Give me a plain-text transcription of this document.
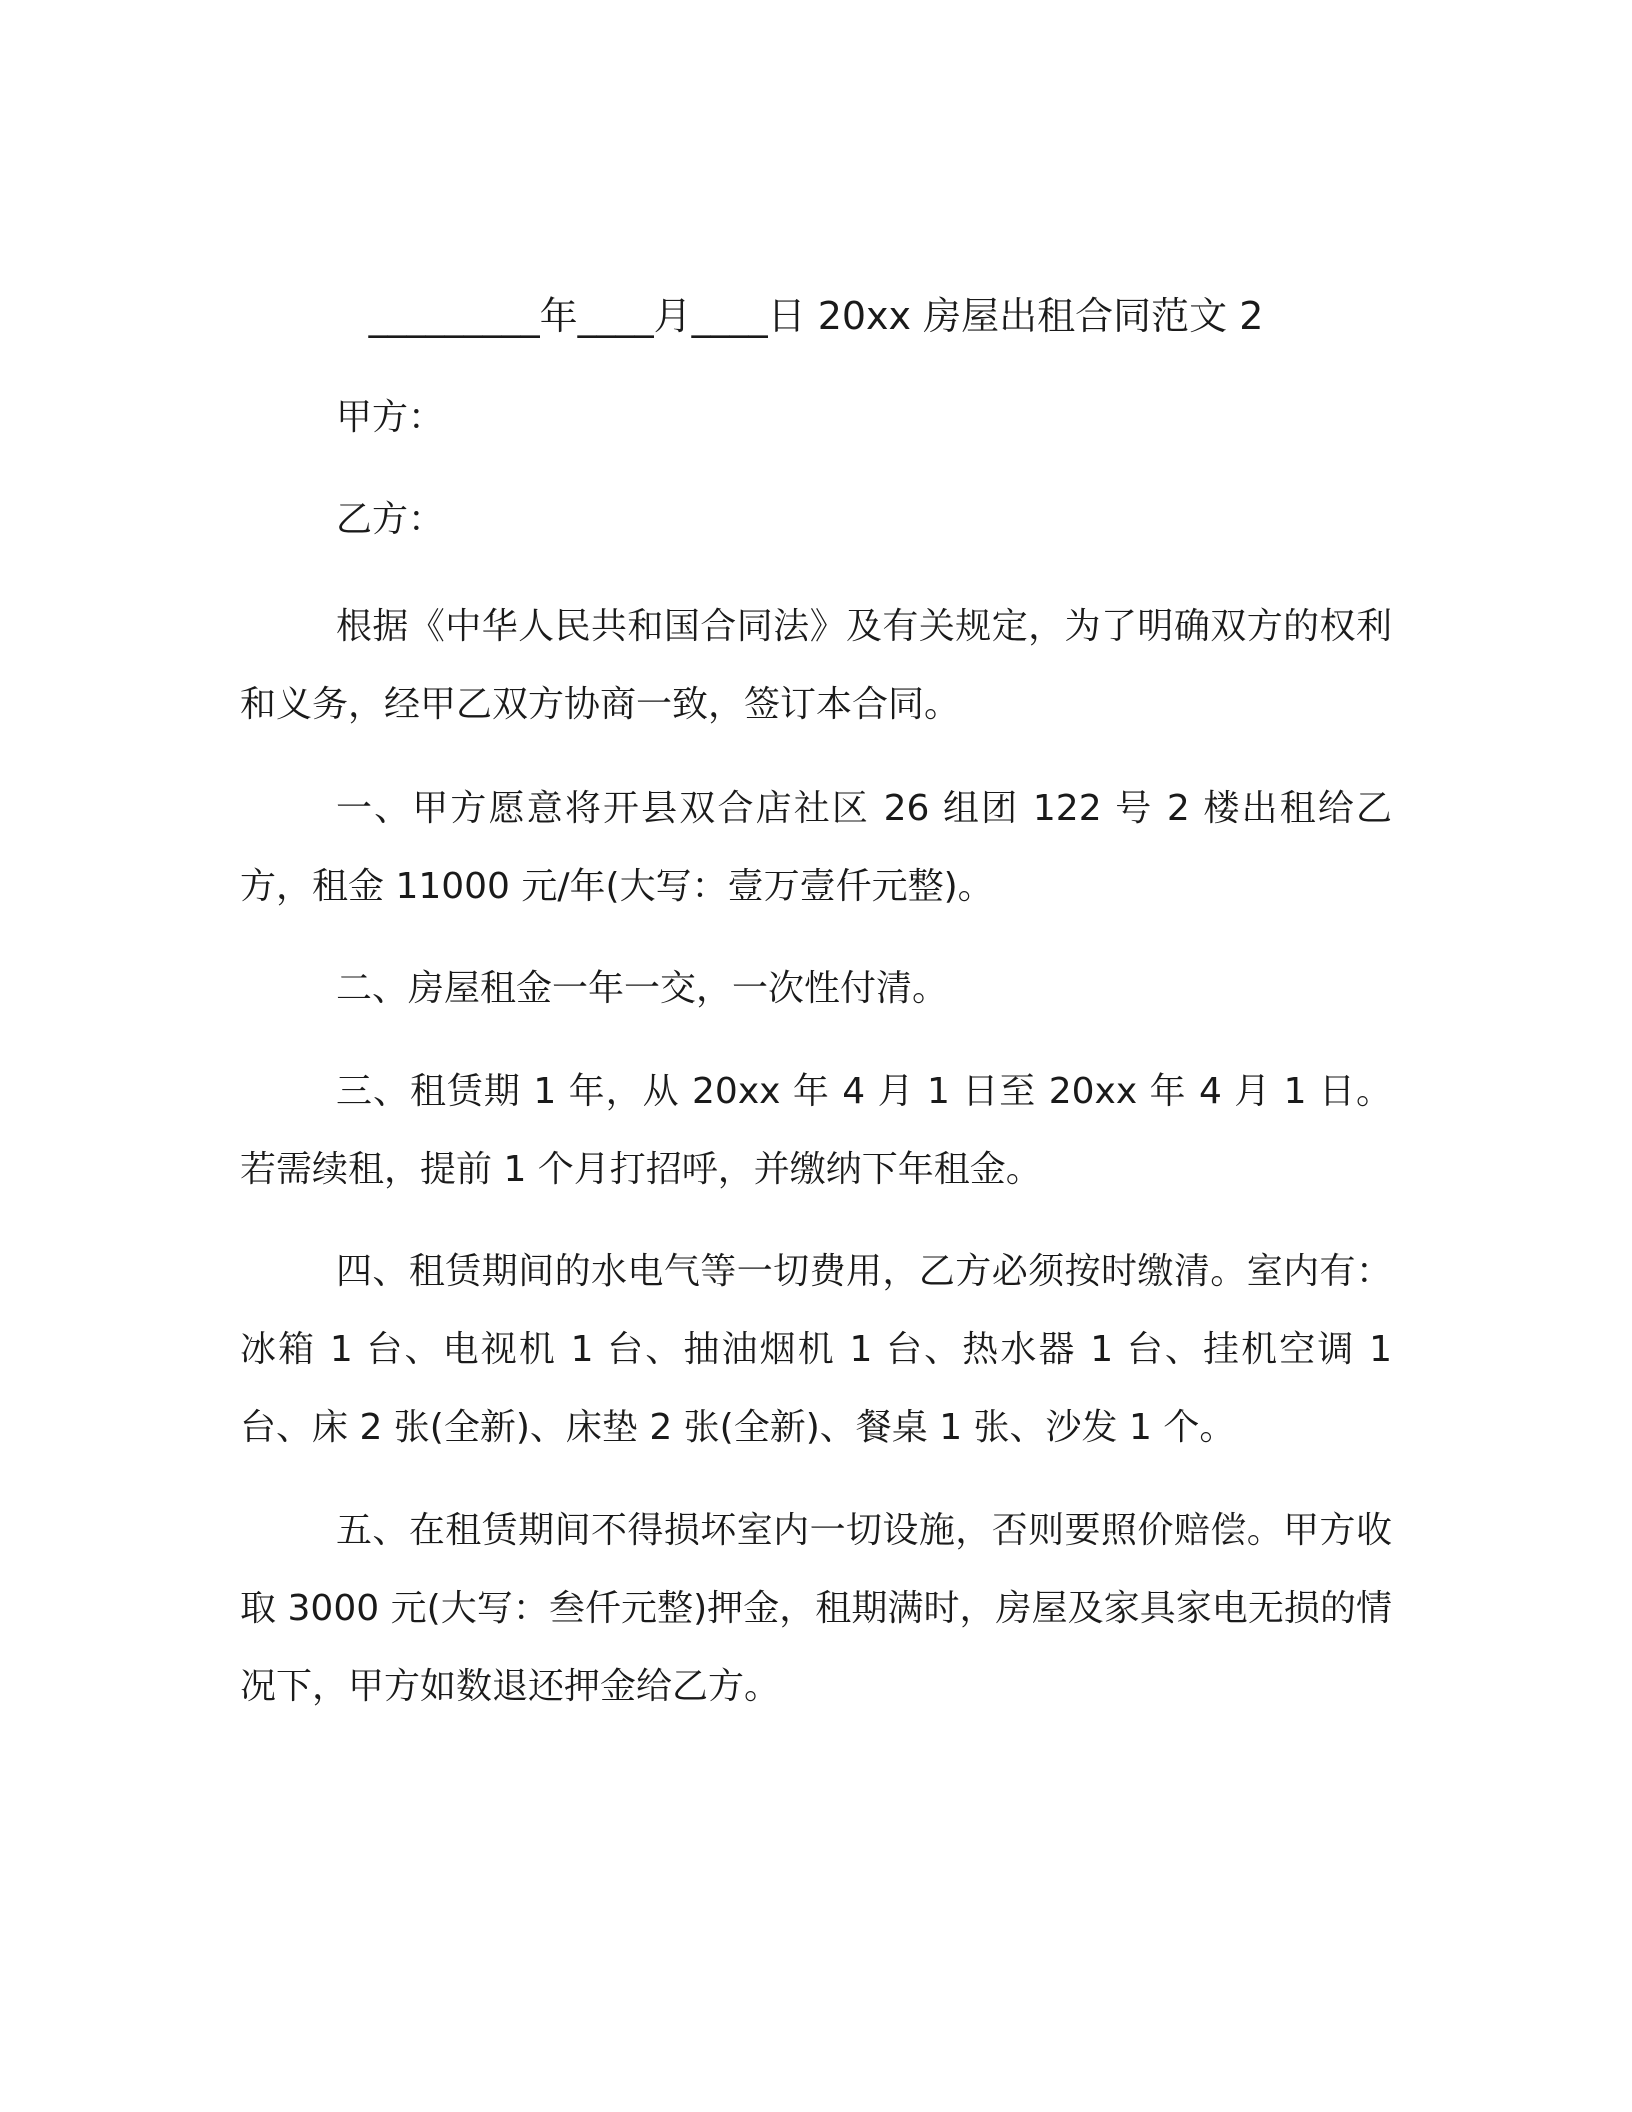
_________年____月____日 20xx 房屋出租合同范文 2
甲方：
乙方：
根据《中华人民共和国合同法》及有关规定，为了明确双方的权利和义务，经甲乙双方协商一致，签订本合同。
一、甲方愿意将开县双合店社区 26 组团 122 号 2 楼出租给乙方，租金 11000 元/年(大写：壹万壹仟元整)。
二、房屋租金一年一交，一次性付清。
三、租赁期 1 年，从 20xx 年 4 月 1 日至 20xx 年 4 月 1 日。若需续租，提前 1 个月打招呼，并缴纳下年租金。
四、租赁期间的水电气等一切费用，乙方必须按时缴清。室内有：冰箱 1 台、电视机 1 台、抽油烟机 1 台、热水器 1 台、挂机空调 1 台、床 2 张(全新)、床垫 2 张(全新)、餐桌 1 张、沙发 1 个。
五、在租赁期间不得损坏室内一切设施，否则要照价赔偿。甲方收取 3000 元(大写：叁仟元整)押金，租期满时，房屋及家具家电无损的情况下，甲方如数退还押金给乙方。
